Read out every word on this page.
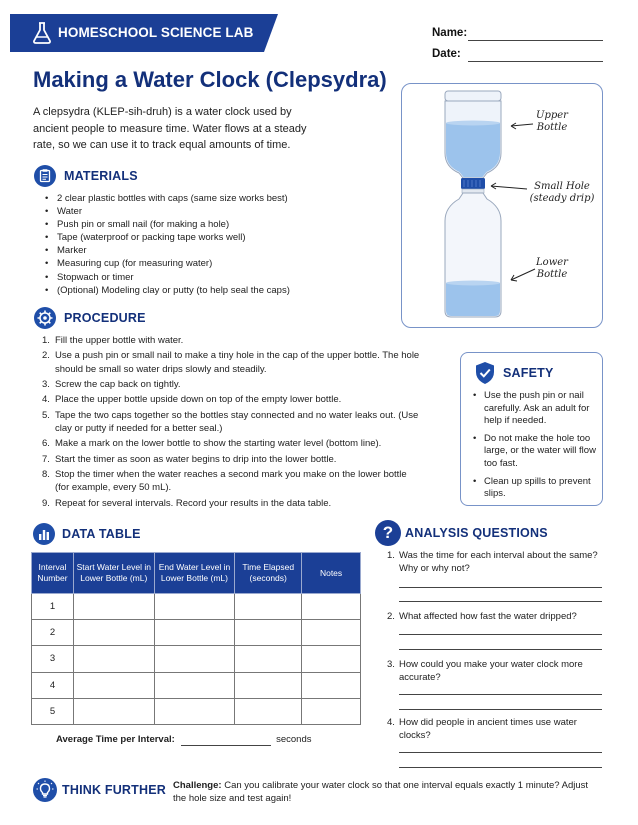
HOMESCHOOL SCIENCE LAB	Name:
Date:
Making a Water Clock (Clepsydra)

A clepsydra (KLEP-sih-druh) is a water clock used by ancient people to measure time. Water flows at a steady rate, so we can use it to track equal amounts of time.

MATERIALS
• 2 clear plastic bottles with caps (same size works best)
• Water
• Push pin or small nail (for making a hole)
• Tape (waterproof or packing tape works well)
• Marker
• Measuring cup (for measuring water)
• Stopwach or timer
• (Optional) Modeling clay or putty (to help seal the caps)
PROCEDURE
1. Fill the upper bottle with water.
2. Use a push pin or small nail to make a tiny hole in the cap of the upper bottle. The hole should be small so water drips slowly and steadily.
3. Screw the cap back on tightly.
4. Place the upper bottle upside down on top of the empty lower bottle.
5. Tape the two caps together so the bottles stay connected and no water leaks out. (Use clay or putty if needed for a better seal.)
6. Make a mark on the lower bottle to show the starting water level (bottom line).
7. Start the timer as soon as water begins to drip into the lower bottle.
8. Stop the timer when the water reaches a second mark you make on the lower bottle (for example, every 50 mL).
9. Repeat for several intervals. Record your results in the data table.
Upper Bottle
Small Hole (steady drip)
Lower Bottle
SAFETY
• Use the push pin or nail carefully. Ask an adult for help if needed.
• Do not make the hole too large, or the water will flow too fast.
• Clean up spills to prevent slips.
DATA TABLE
Interval Number	Start Water Level in Lower Bottle (mL)	End Water Level in Lower Bottle (mL)	Time Elapsed (seconds)	Notes
1				
2				
3				
4				
5				
Average Time per Interval:	seconds
? ANALYSIS QUESTIONS
1. Was the time for each interval about the same? Why or why not?
2. What affected how fast the water dripped?
3. How could you make your water clock more accurate?
4. How did people in ancient times use water clocks?
THINK FURTHER Challenge: Can you calibrate your water clock so that one interval equals exactly 1 minute? Adjust the hole size and test again!
